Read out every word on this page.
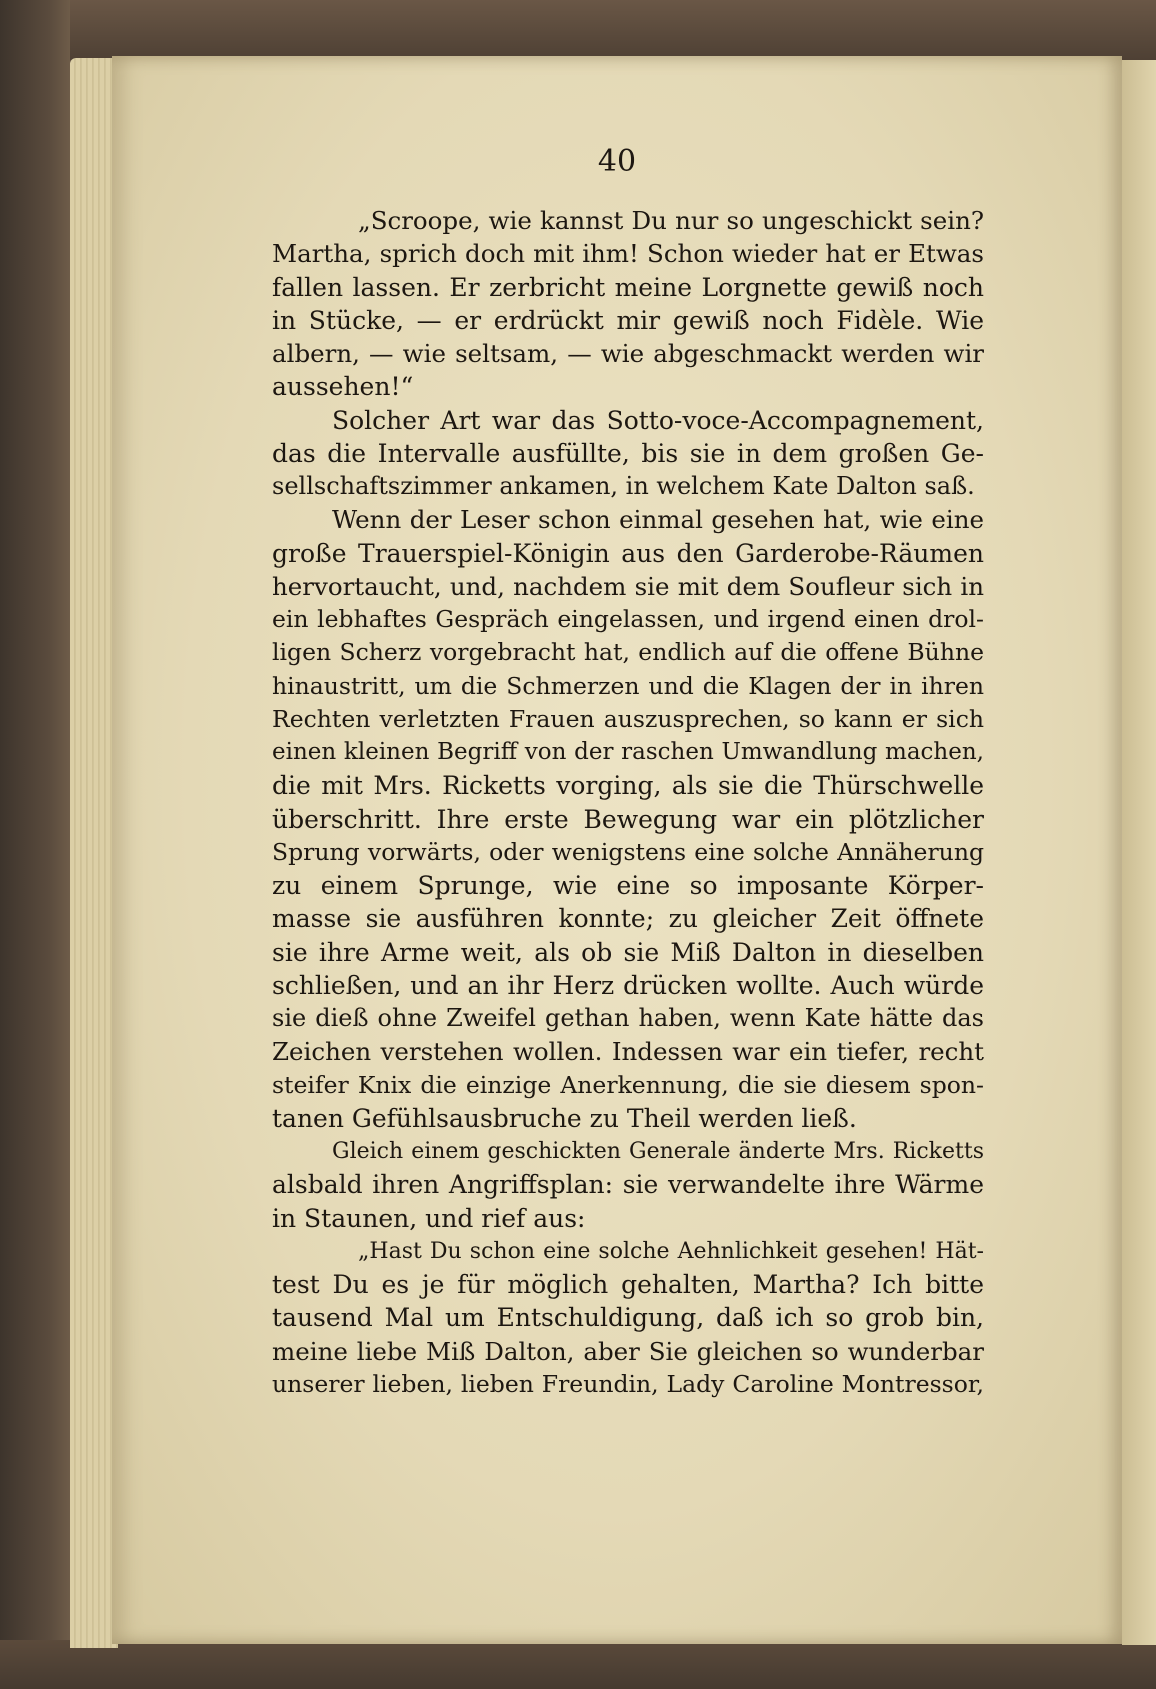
40
„Scroope, wie kannst Du nur so ungeschickt sein?
Martha, sprich doch mit ihm! Schon wieder hat er Etwas
fallen lassen. Er zerbricht meine Lorgnette gewiß noch
in Stücke, — er erdrückt mir gewiß noch Fidèle. Wie
albern, — wie seltsam, — wie abgeschmackt werden wir
aussehen!“
Solcher Art war das Sotto-voce-Accompagnement,
das die Intervalle ausfüllte, bis sie in dem großen Ge-
sellschaftszimmer ankamen, in welchem Kate Dalton saß.
Wenn der Leser schon einmal gesehen hat, wie eine
große Trauerspiel-Königin aus den Garderobe-Räumen
hervortaucht, und, nachdem sie mit dem Soufleur sich in
ein lebhaftes Gespräch eingelassen, und irgend einen drol-
ligen Scherz vorgebracht hat, endlich auf die offene Bühne
hinaustritt, um die Schmerzen und die Klagen der in ihren
Rechten verletzten Frauen auszusprechen, so kann er sich
einen kleinen Begriff von der raschen Umwandlung machen,
die mit Mrs. Ricketts vorging, als sie die Thürschwelle
überschritt. Ihre erste Bewegung war ein plötzlicher
Sprung vorwärts, oder wenigstens eine solche Annäherung
zu einem Sprunge, wie eine so imposante Körper-
masse sie ausführen konnte; zu gleicher Zeit öffnete
sie ihre Arme weit, als ob sie Miß Dalton in dieselben
schließen, und an ihr Herz drücken wollte. Auch würde
sie dieß ohne Zweifel gethan haben, wenn Kate hätte das
Zeichen verstehen wollen. Indessen war ein tiefer, recht
steifer Knix die einzige Anerkennung, die sie diesem spon-
tanen Gefühlsausbruche zu Theil werden ließ.
Gleich einem geschickten Generale änderte Mrs. Ricketts
alsbald ihren Angriffsplan: sie verwandelte ihre Wärme
in Staunen, und rief aus:
„Hast Du schon eine solche Aehnlichkeit gesehen! Hät-
test Du es je für möglich gehalten, Martha? Ich bitte
tausend Mal um Entschuldigung, daß ich so grob bin,
meine liebe Miß Dalton, aber Sie gleichen so wunderbar
unserer lieben, lieben Freundin, Lady Caroline Montressor,
